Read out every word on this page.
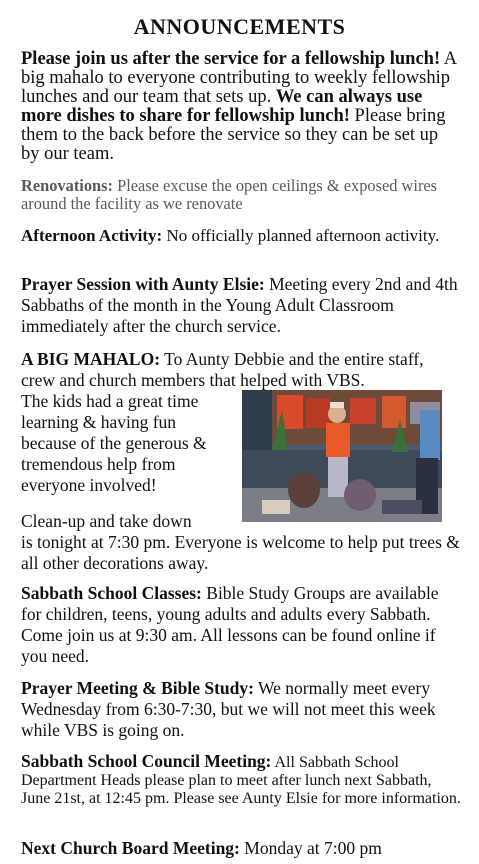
ANNOUNCEMENTS
Please join us after the service for a fellowship lunch! A big mahalo to everyone contributing to weekly fellowship lunches and our team that sets up. We can always use more dishes to share for fellowship lunch! Please bring them to the back before the service so they can be set up by our team.
Renovations: Please excuse the open ceilings & exposed wires around the facility as we renovate
Afternoon Activity: No officially planned afternoon activity.
Prayer Session with Aunty Elsie: Meeting every 2nd and 4th Sabbaths of the month in the Young Adult Classroom immediately after the church service.
A BIG MAHALO: To Aunty Debbie and the entire staff, crew and church members that helped with VBS.
The kids had a great time
learning & having fun
because of the generous &
tremendous help from
everyone involved!
Clean-up and take down
is tonight at 7:30 pm. Everyone is welcome to help put trees & all other decorations away.
Sabbath School Classes: Bible Study Groups are available for children, teens, young adults and adults every Sabbath. Come join us at 9:30 am. All lessons can be found online if you need.
Prayer Meeting & Bible Study: We normally meet every Wednesday from 6:30-7:30, but we will not meet this week while VBS is going on.
Sabbath School Council Meeting: All Sabbath School Department Heads please plan to meet after lunch next Sabbath, June 21st, at 12:45 pm. Please see Aunty Elsie for more information.
Next Church Board Meeting: Monday at 7:00 pm
